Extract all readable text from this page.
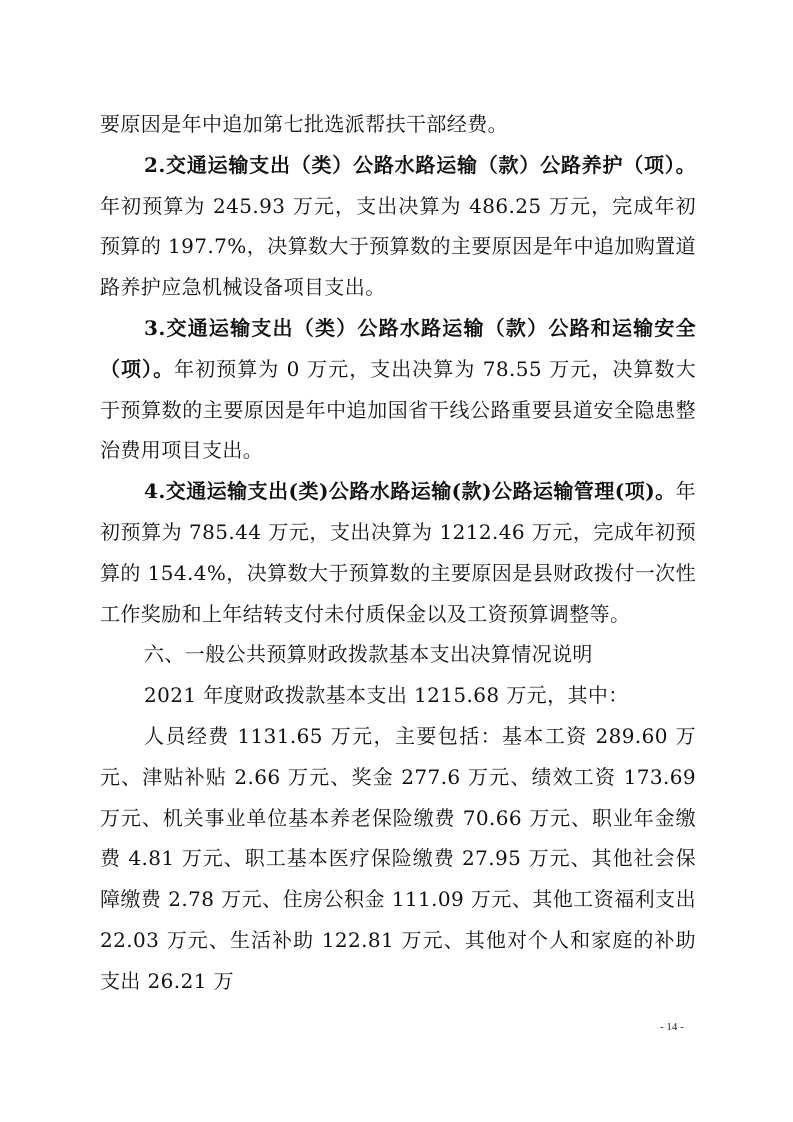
要原因是年中追加第七批选派帮扶干部经费。

2.交通运输支出（类）公路水路运输（款）公路养护（项）。年初预算为 245.93 万元，支出决算为 486.25 万元，完成年初预算的 197.7%，决算数大于预算数的主要原因是年中追加购置道路养护应急机械设备项目支出。

3.交通运输支出（类）公路水路运输（款）公路和运输安全（项）。年初预算为 0 万元，支出决算为 78.55 万元，决算数大于预算数的主要原因是年中追加国省干线公路重要县道安全隐患整治费用项目支出。

4.交通运输支出(类)公路水路运输(款)公路运输管理(项)。年初预算为 785.44 万元，支出决算为 1212.46 万元，完成年初预算的 154.4%，决算数大于预算数的主要原因是县财政拨付一次性工作奖励和上年结转支付未付质保金以及工资预算调整等。

六、一般公共预算财政拨款基本支出决算情况说明

2021 年度财政拨款基本支出 1215.68 万元，其中：

人员经费 1131.65 万元，主要包括：基本工资 289.60 万元、津贴补贴 2.66 万元、奖金 277.6 万元、绩效工资 173.69 万元、机关事业单位基本养老保险缴费 70.66 万元、职业年金缴费 4.81 万元、职工基本医疗保险缴费 27.95 万元、其他社会保障缴费 2.78 万元、住房公积金 111.09 万元、其他工资福利支出 22.03 万元、生活补助 122.81 万元、其他对个人和家庭的补助支出 26.21 万

- 14 -
